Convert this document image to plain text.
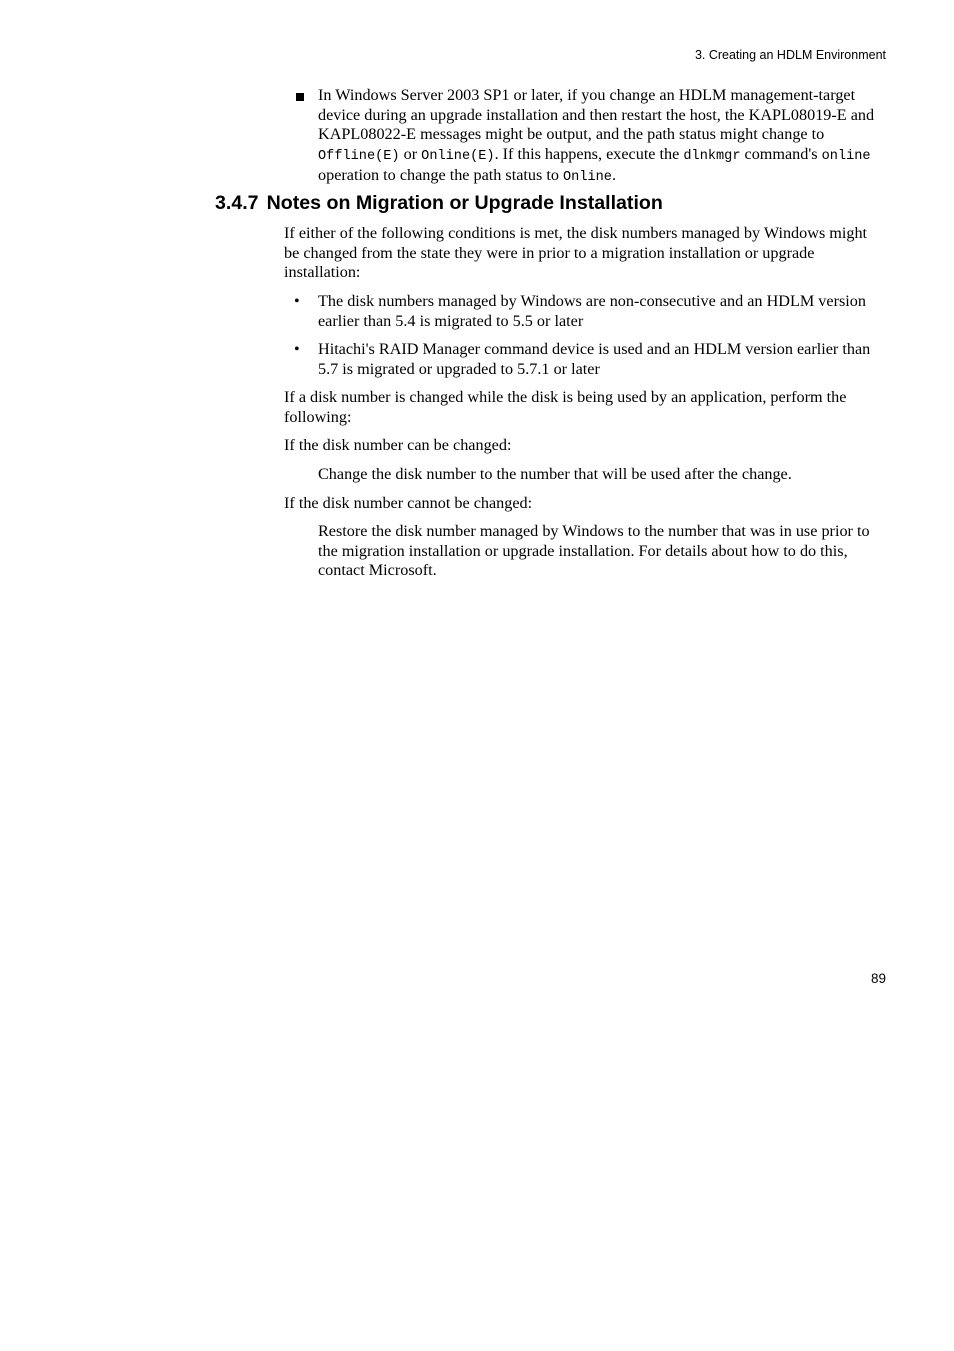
3. Creating an HDLM Environment

In Windows Server 2003 SP1 or later, if you change an HDLM management-target device during an upgrade installation and then restart the host, the KAPL08019-E and KAPL08022-E messages might be output, and the path status might change to Offline(E) or Online(E). If this happens, execute the dlnkmgr command's online operation to change the path status to Online.

3.4.7 Notes on Migration or Upgrade Installation

If either of the following conditions is met, the disk numbers managed by Windows might be changed from the state they were in prior to a migration installation or upgrade installation:

• The disk numbers managed by Windows are non-consecutive and an HDLM version earlier than 5.4 is migrated to 5.5 or later

• Hitachi's RAID Manager command device is used and an HDLM version earlier than 5.7 is migrated or upgraded to 5.7.1 or later

If a disk number is changed while the disk is being used by an application, perform the following:

If the disk number can be changed:

Change the disk number to the number that will be used after the change.

If the disk number cannot be changed:

Restore the disk number managed by Windows to the number that was in use prior to the migration installation or upgrade installation. For details about how to do this, contact Microsoft.

89
